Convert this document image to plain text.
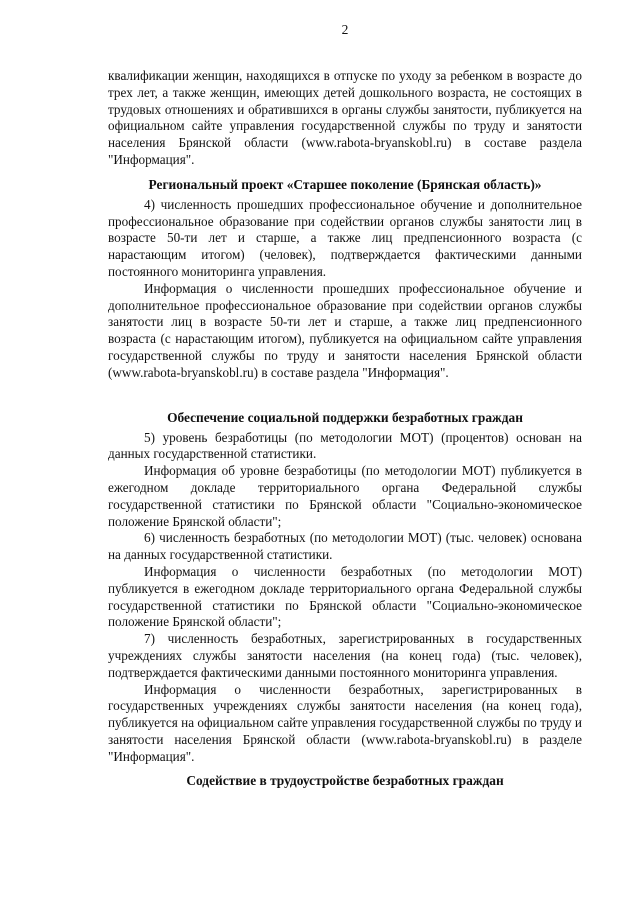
2

квалификации женщин, находящихся в отпуске по уходу за ребенком в возрасте до трех лет, а также женщин, имеющих детей дошкольного возраста, не состоящих в трудовых отношениях и обратившихся в органы службы занятости, публикуется на официальном сайте управления государственной службы по труду и занятости населения Брянской области (www.rabota-bryanskobl.ru) в составе раздела "Информация".

Региональный проект «Старшее поколение (Брянская область)»

4) численность прошедших профессиональное обучение и дополнительное профессиональное образование при содействии органов службы занятости лиц в возрасте 50-ти лет и старше, а также лиц предпенсионного возраста (с нарастающим итогом) (человек), подтверждается фактическими данными постоянного мониторинга управления.

Информация о численности прошедших профессиональное обучение и дополнительное профессиональное образование при содействии органов службы занятости лиц в возрасте 50-ти лет и старше, а также лиц предпенсионного возраста (с нарастающим итогом), публикуется на официальном сайте управления государственной службы по труду и занятости населения Брянской области (www.rabota-bryanskobl.ru) в составе раздела "Информация".

Обеспечение социальной поддержки безработных граждан

5) уровень безработицы (по методологии МОТ) (процентов) основан на данных государственной статистики.

Информация об уровне безработицы (по методологии МОТ) публикуется в ежегодном докладе территориального органа Федеральной службы государственной статистики по Брянской области "Социально-экономическое положение Брянской области";

6) численность безработных (по методологии МОТ) (тыс. человек) основана на данных государственной статистики.

Информация о численности безработных (по методологии МОТ) публикуется в ежегодном докладе территориального органа Федеральной службы государственной статистики по Брянской области "Социально-экономическое положение Брянской области";

7) численность безработных, зарегистрированных в государственных учреждениях службы занятости населения (на конец года) (тыс. человек), подтверждается фактическими данными постоянного мониторинга управления.

Информация о численности безработных, зарегистрированных в государственных учреждениях службы занятости населения (на конец года), публикуется на официальном сайте управления государственной службы по труду и занятости населения Брянской области (www.rabota-bryanskobl.ru) в разделе "Информация".

Содействие в трудоустройстве безработных граждан
